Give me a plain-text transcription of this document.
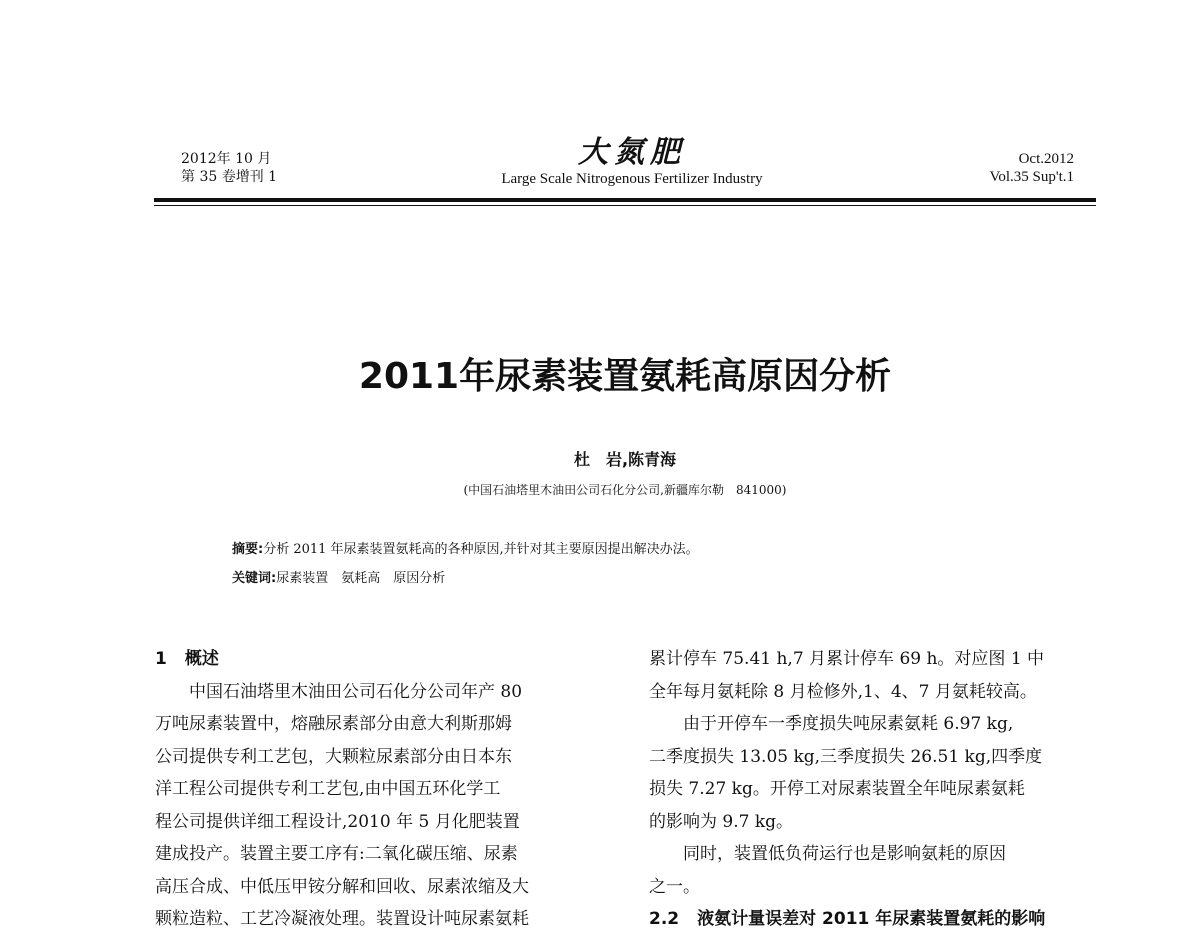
2012年 10 月
第 35 卷增刊 1
大氮肥
Large Scale Nitrogenous Fertilizer Industry
Oct.2012
Vol.35 Sup't.1
2011年尿素装置氨耗高原因分析
杜　岩,陈青海
(中国石油塔里木油田公司石化分公司,新疆库尔勒　841000)
摘要:分析 2011 年尿素装置氨耗高的各种原因,并针对其主要原因提出解决办法。
关键词:尿素装置　氨耗高　原因分析
1 概述
中国石油塔里木油田公司石化分公司年产 80
万吨尿素装置中，熔融尿素部分由意大利斯那姆
公司提供专利工艺包，大颗粒尿素部分由日本东
洋工程公司提供专利工艺包,由中国五环化学工
程公司提供详细工程设计,2010 年 5 月化肥装置
建成投产。装置主要工序有:二氧化碳压缩、尿素
高压合成、中低压甲铵分解和回收、尿素浓缩及大
颗粒造粒、工艺冷凝液处理。装置设计吨尿素氨耗
累计停车 75.41 h,7 月累计停车 69 h。对应图 1 中
全年每月氨耗除 8 月检修外,1、4、7 月氨耗较高。
由于开停车一季度损失吨尿素氨耗 6.97 kg,
二季度损失 13.05 kg,三季度损失 26.51 kg,四季度
损失 7.27 kg。开停工对尿素装置全年吨尿素氨耗
的影响为 9.7 kg。
同时，装置低负荷运行也是影响氨耗的原因
之一。
2.2 液氨计量误差对 2011 年尿素装置氨耗的影响
